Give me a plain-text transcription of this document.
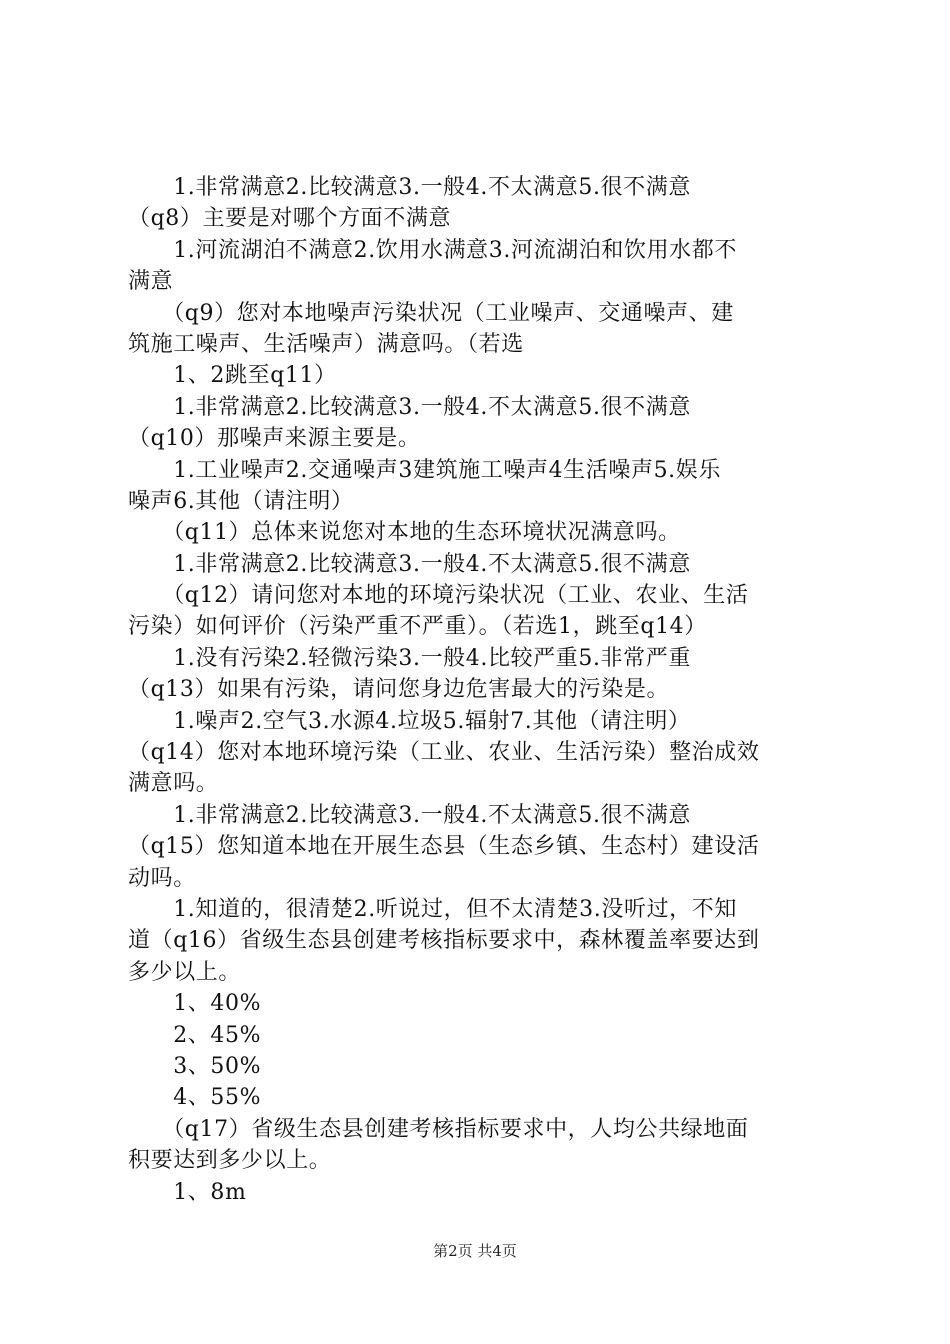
　　1.非常满意2.比较满意3.一般4.不太满意5.很不满意
（q8）主要是对哪个方面不满意
　　1.河流湖泊不满意2.饮用水满意3.河流湖泊和饮用水都不
满意
　　（q9）您对本地噪声污染状况（工业噪声、交通噪声、建
筑施工噪声、生活噪声）满意吗。（若选
　　1、2跳至q11）
　　1.非常满意2.比较满意3.一般4.不太满意5.很不满意
（q10）那噪声来源主要是。
　　1.工业噪声2.交通噪声3建筑施工噪声4生活噪声5.娱乐
噪声6.其他（请注明）
　　（q11）总体来说您对本地的生态环境状况满意吗。
　　1.非常满意2.比较满意3.一般4.不太满意5.很不满意
　　（q12）请问您对本地的环境污染状况（工业、农业、生活
污染）如何评价（污染严重不严重）。（若选1，跳至q14）
　　1.没有污染2.轻微污染3.一般4.比较严重5.非常严重
（q13）如果有污染，请问您身边危害最大的污染是。
　　1.噪声2.空气3.水源4.垃圾5.辐射7.其他（请注明）
（q14）您对本地环境污染（工业、农业、生活污染）整治成效
满意吗。
　　1.非常满意2.比较满意3.一般4.不太满意5.很不满意
（q15）您知道本地在开展生态县（生态乡镇、生态村）建设活
动吗。
　　1.知道的，很清楚2.听说过，但不太清楚3.没听过，不知
道（q16）省级生态县创建考核指标要求中，森林覆盖率要达到
多少以上。
　　1、40%
　　2、45%
　　3、50%
　　4、55%
　　（q17）省级生态县创建考核指标要求中，人均公共绿地面
积要达到多少以上。
　　1、8m
第2页 共4页
